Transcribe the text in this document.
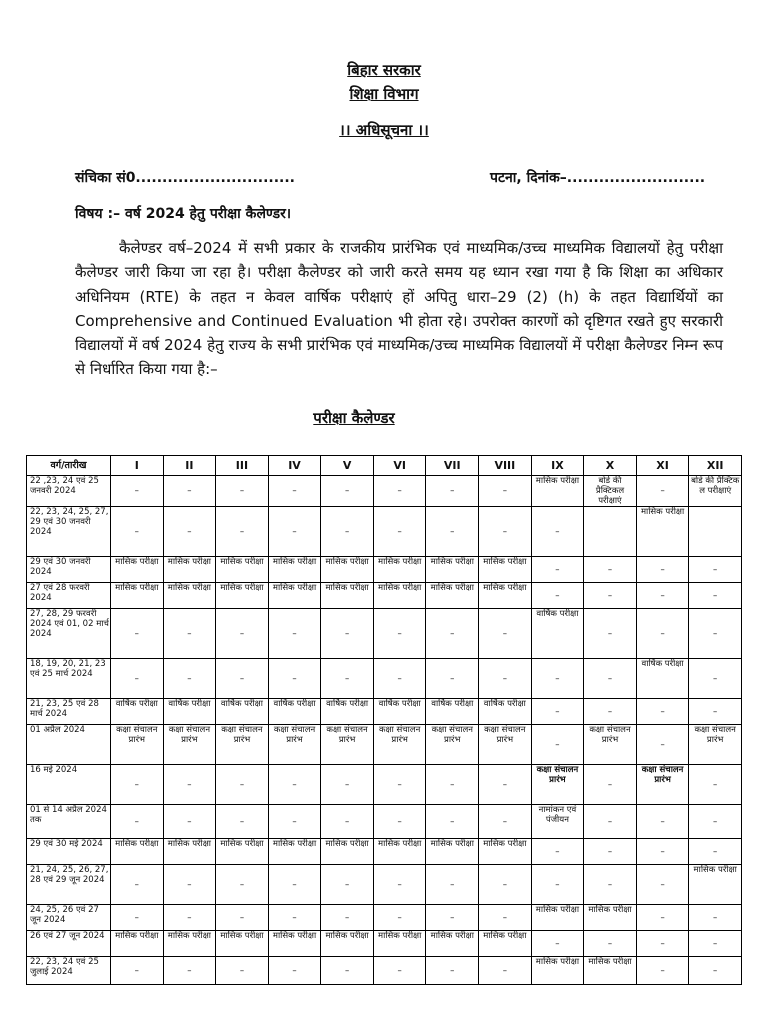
बिहार सरकार
शिक्षा विभाग
।। अधिसूचना ।।
संचिका सं0..............................	पटना, दिनांक–..........................
विषय :– वर्ष 2024 हेतु परीक्षा कैलेण्डर।

कैलेण्डर वर्ष–2024 में सभी प्रकार के राजकीय प्रारंभिक एवं माध्यमिक/उच्च माध्यमिक विद्यालयों हेतु परीक्षा कैलेण्डर जारी किया जा रहा है। परीक्षा कैलेण्डर को जारी करते समय यह ध्यान रखा गया है कि शिक्षा का अधिकार अधिनियम (RTE) के तहत न केवल वार्षिक परीक्षाएं हों अपितु धारा–29 (2) (h) के तहत विद्यार्थियों का Comprehensive and Continued Evaluation भी होता रहे। उपरोक्त कारणों को दृष्टिगत रखते हुए सरकारी विद्यालयों में वर्ष 2024 हेतु राज्य के सभी प्रारंभिक एवं माध्यमिक/उच्च माध्यमिक विद्यालयों में परीक्षा कैलेण्डर निम्न रूप से निर्धारित किया गया है:–

परीक्षा कैलेण्डर
वर्ग/तारीख	I	II	III	IV	V	VI	VII	VIII	IX	X	XI	XII
22 ,23, 24 एवं 25 जनवरी 2024	–	–	–	–	–	–	–	–	मासिक परीक्षा	बोर्ड की प्रैक्टिकल परीक्षाएं	–	बोर्ड की प्रैक्टिक ल परीक्षाएं
22, 23, 24, 25, 27, 29 एवं 30 जनवरी 2024	–	–	–	–	–	–	–	–	–		मासिक परीक्षा	
29 एवं 30 जनवरी 2024	मासिक परीक्षा	मासिक परीक्षा	मासिक परीक्षा	मासिक परीक्षा	मासिक परीक्षा	मासिक परीक्षा	मासिक परीक्षा	मासिक परीक्षा	–	–	–	–
27 एवं 28 फरवरी 2024	मासिक परीक्षा	मासिक परीक्षा	मासिक परीक्षा	मासिक परीक्षा	मासिक परीक्षा	मासिक परीक्षा	मासिक परीक्षा	मासिक परीक्षा	–	–	–	–
27, 28, 29 फरवरी 2024 एवं 01, 02 मार्च 2024	–	–	–	–	–	–	–	–	वार्षिक परीक्षा	–	–	–
18, 19, 20, 21, 23 एवं 25 मार्च 2024	–	–	–	–	–	–	–	–	–	–	वार्षिक परीक्षा	–
21, 23, 25 एवं 28 मार्च 2024	वार्षिक परीक्षा	वार्षिक परीक्षा	वार्षिक परीक्षा	वार्षिक परीक्षा	वार्षिक परीक्षा	वार्षिक परीक्षा	वार्षिक परीक्षा	वार्षिक परीक्षा	–	–	–	–
01 अप्रैल 2024	कक्षा संचालन प्रारंभ	कक्षा संचालन प्रारंभ	कक्षा संचालन प्रारंभ	कक्षा संचालन प्रारंभ	कक्षा संचालन प्रारंभ	कक्षा संचालन प्रारंभ	कक्षा संचालन प्रारंभ	कक्षा संचालन प्रारंभ	–	कक्षा संचालन प्रारंभ	–	कक्षा संचालन प्रारंभ
16 मई 2024	–	–	–	–	–	–	–	–	कक्षा संचालन प्रारंभ	–	कक्षा संचालन प्रारंभ	–
01 से 14 अप्रैल 2024 तक	–	–	–	–	–	–	–	–	नामांकन एवं पंजीयन	–	–	–
29 एवं 30 मई 2024	मासिक परीक्षा	मासिक परीक्षा	मासिक परीक्षा	मासिक परीक्षा	मासिक परीक्षा	मासिक परीक्षा	मासिक परीक्षा	मासिक परीक्षा	–	–	–	–
21, 24, 25, 26, 27, 28 एवं 29 जून 2024	–	–	–	–	–	–	–	–	–	–	–	मासिक परीक्षा
24, 25, 26 एवं 27 जून 2024	–	–	–	–	–	–	–	–	मासिक परीक्षा	मासिक परीक्षा	–	–
26 एवं 27 जून 2024	मासिक परीक्षा	मासिक परीक्षा	मासिक परीक्षा	मासिक परीक्षा	मासिक परीक्षा	मासिक परीक्षा	मासिक परीक्षा	मासिक परीक्षा	–	–	–	–
22, 23, 24 एवं 25 जुलाई 2024	–	–	–	–	–	–	–	–	मासिक परीक्षा	मासिक परीक्षा	–	–
